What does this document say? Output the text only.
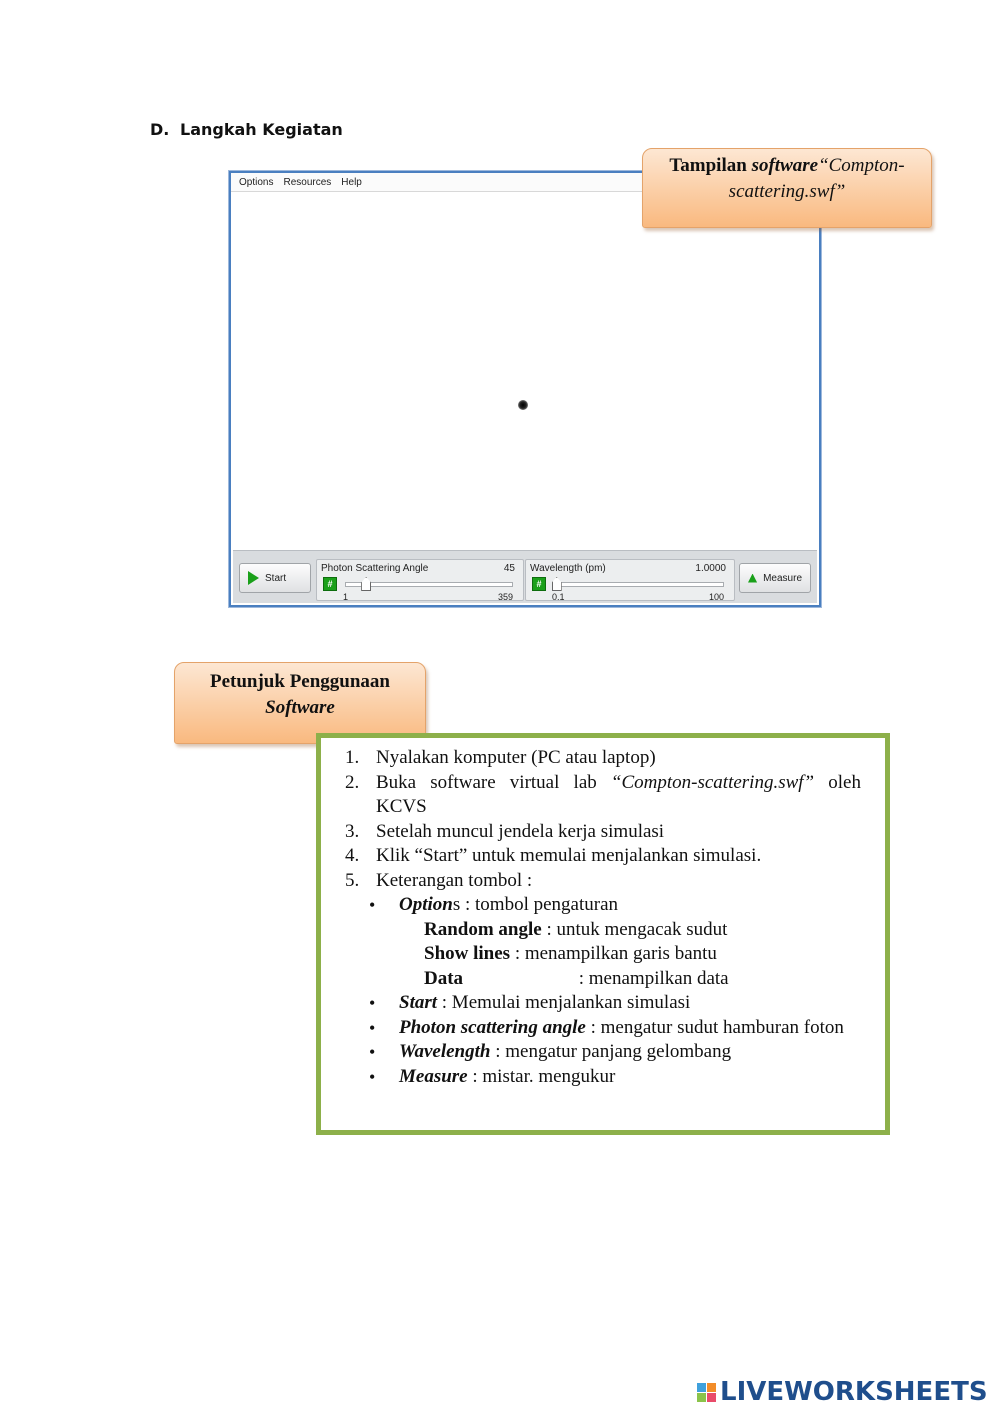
D. Langkah Kegiatan
Options Resources Help
Start
Photon Scattering Angle	45
#
1	359
Wavelength (pm)	1.0000
#
0.1	100
Measure
Tampilan software“Compton-scattering.swf”
Petunjuk Penggunaan
Software
1. Nyalakan komputer (PC atau laptop)
2. Buka software virtual lab “Compton-scattering.swf” oleh KCVS
3. Setelah muncul jendela kerja simulasi
4. Klik “Start” untuk memulai menjalankan simulasi.
5. Keterangan tombol :
• Options : tombol pengaturan
Random angle : untuk mengacak sudut
Show lines : menampilkan garis bantu
Data	: menampilkan data
• Start : Memulai menjalankan simulasi
• Photon scattering angle : mengatur sudut hamburan foton
• Wavelength : mengatur panjang gelombang
• Measure : mistar. mengukur
LIVEWORKSHEETS
